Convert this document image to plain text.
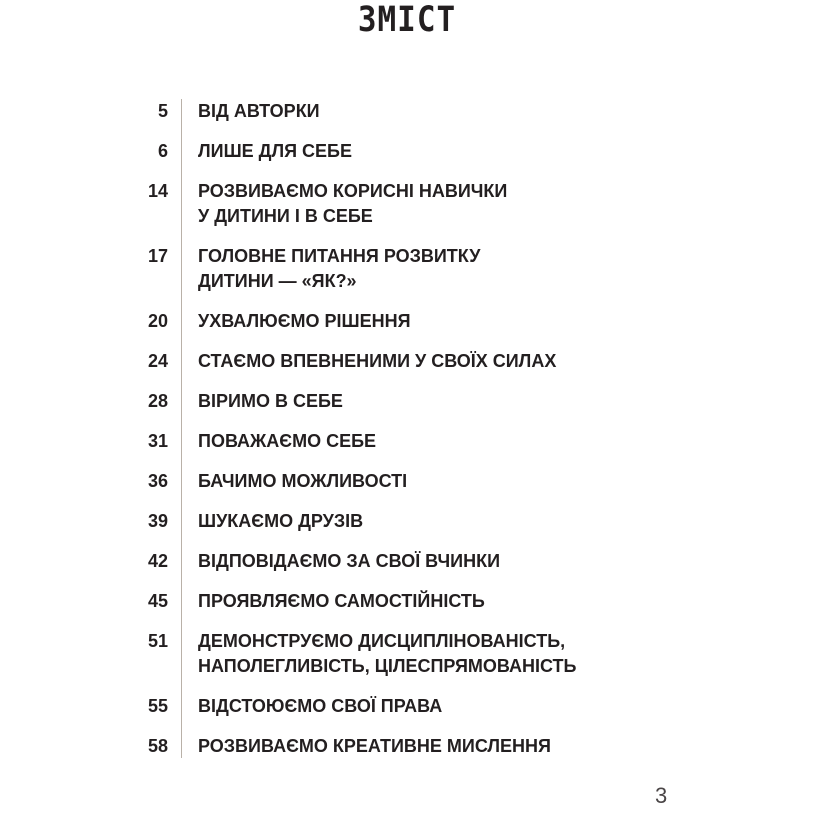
ЗМІСТ
5 ВІД АВТОРКИ
6 ЛИШЕ ДЛЯ СЕБЕ
14 РОЗВИВАЄМО КОРИСНІ НАВИЧКИ
У ДИТИНИ І В СЕБЕ
17 ГОЛОВНЕ ПИТАННЯ РОЗВИТКУ
ДИТИНИ — «ЯК?»
20 УХВАЛЮЄМО РІШЕННЯ
24 СТАЄМО ВПЕВНЕНИМИ У СВОЇХ СИЛАХ
28 ВІРИМО В СЕБЕ
31 ПОВАЖАЄМО СЕБЕ
36 БАЧИМО МОЖЛИВОСТІ
39 ШУКАЄМО ДРУЗІВ
42 ВІДПОВІДАЄМО ЗА СВОЇ ВЧИНКИ
45 ПРОЯВЛЯЄМО САМОСТІЙНІСТЬ
51 ДЕМОНСТРУЄМО ДИСЦИПЛІНОВАНІСТЬ,
НАПОЛЕГЛИВІСТЬ, ЦІЛЕСПРЯМОВАНІСТЬ
55 ВІДСТОЮЄМО СВОЇ ПРАВА
58 РОЗВИВАЄМО КРЕАТИВНЕ МИСЛЕННЯ
3
